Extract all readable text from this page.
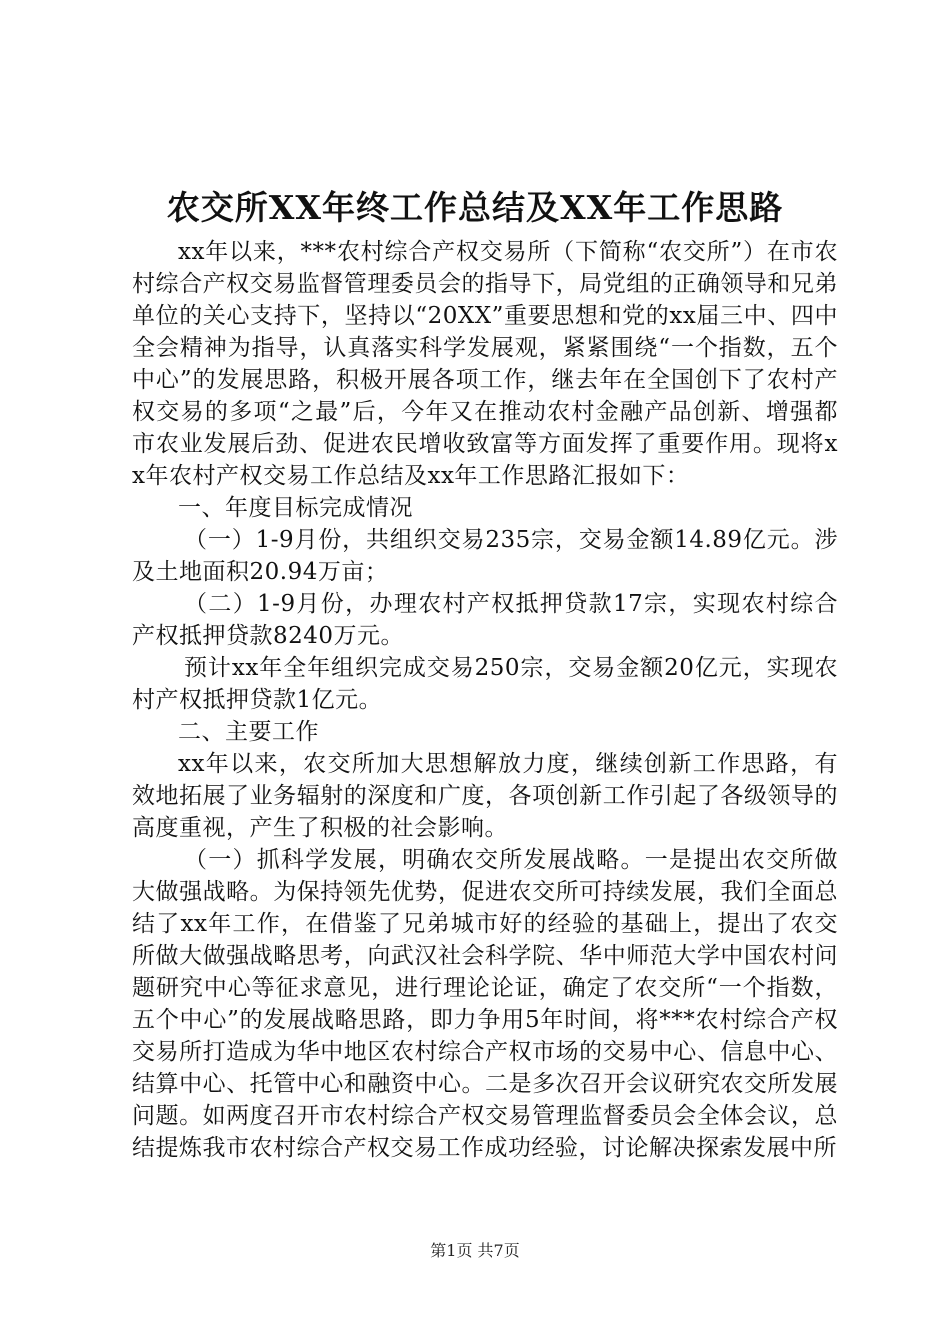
农交所XX年终工作总结及XX年工作思路

xx年以来，***农村综合产权交易所（下简称“农交所”）在市农村综合产权交易监督管理委员会的指导下，局党组的正确领导和兄弟单位的关心支持下，坚持以“20XX”重要思想和党的xx届三中、四中全会精神为指导，认真落实科学发展观，紧紧围绕“一个指数，五个中心”的发展思路，积极开展各项工作，继去年在全国创下了农村产权交易的多项“之最”后，今年又在推动农村金融产品创新、增强都市农业发展后劲、促进农民增收致富等方面发挥了重要作用。现将xx年农村产权交易工作总结及xx年工作思路汇报如下：

一、年度目标完成情况

（一）1-9月份，共组织交易235宗，交易金额14.89亿元。涉及土地面积20.94万亩；

（二）1-9月份，办理农村产权抵押贷款17宗，实现农村综合产权抵押贷款8240万元。

预计xx年全年组织完成交易250宗，交易金额20亿元，实现农村产权抵押贷款1亿元。

二、主要工作

xx年以来，农交所加大思想解放力度，继续创新工作思路，有效地拓展了业务辐射的深度和广度，各项创新工作引起了各级领导的高度重视，产生了积极的社会影响。

（一）抓科学发展，明确农交所发展战略。一是提出农交所做大做强战略。为保持领先优势，促进农交所可持续发展，我们全面总结了xx年工作，在借鉴了兄弟城市好的经验的基础上，提出了农交所做大做强战略思考，向武汉社会科学院、华中师范大学中国农村问题研究中心等征求意见，进行理论论证，确定了农交所“一个指数，五个中心”的发展战略思路，即力争用5年时间，将***农村综合产权交易所打造成为华中地区农村综合产权市场的交易中心、信息中心、结算中心、托管中心和融资中心。二是多次召开会议研究农交所发展问题。如两度召开市农村综合产权交易管理监督委员会全体会议，总结提炼我市农村综合产权交易工作成功经验，讨论解决探索发展中所

第1页 共7页
